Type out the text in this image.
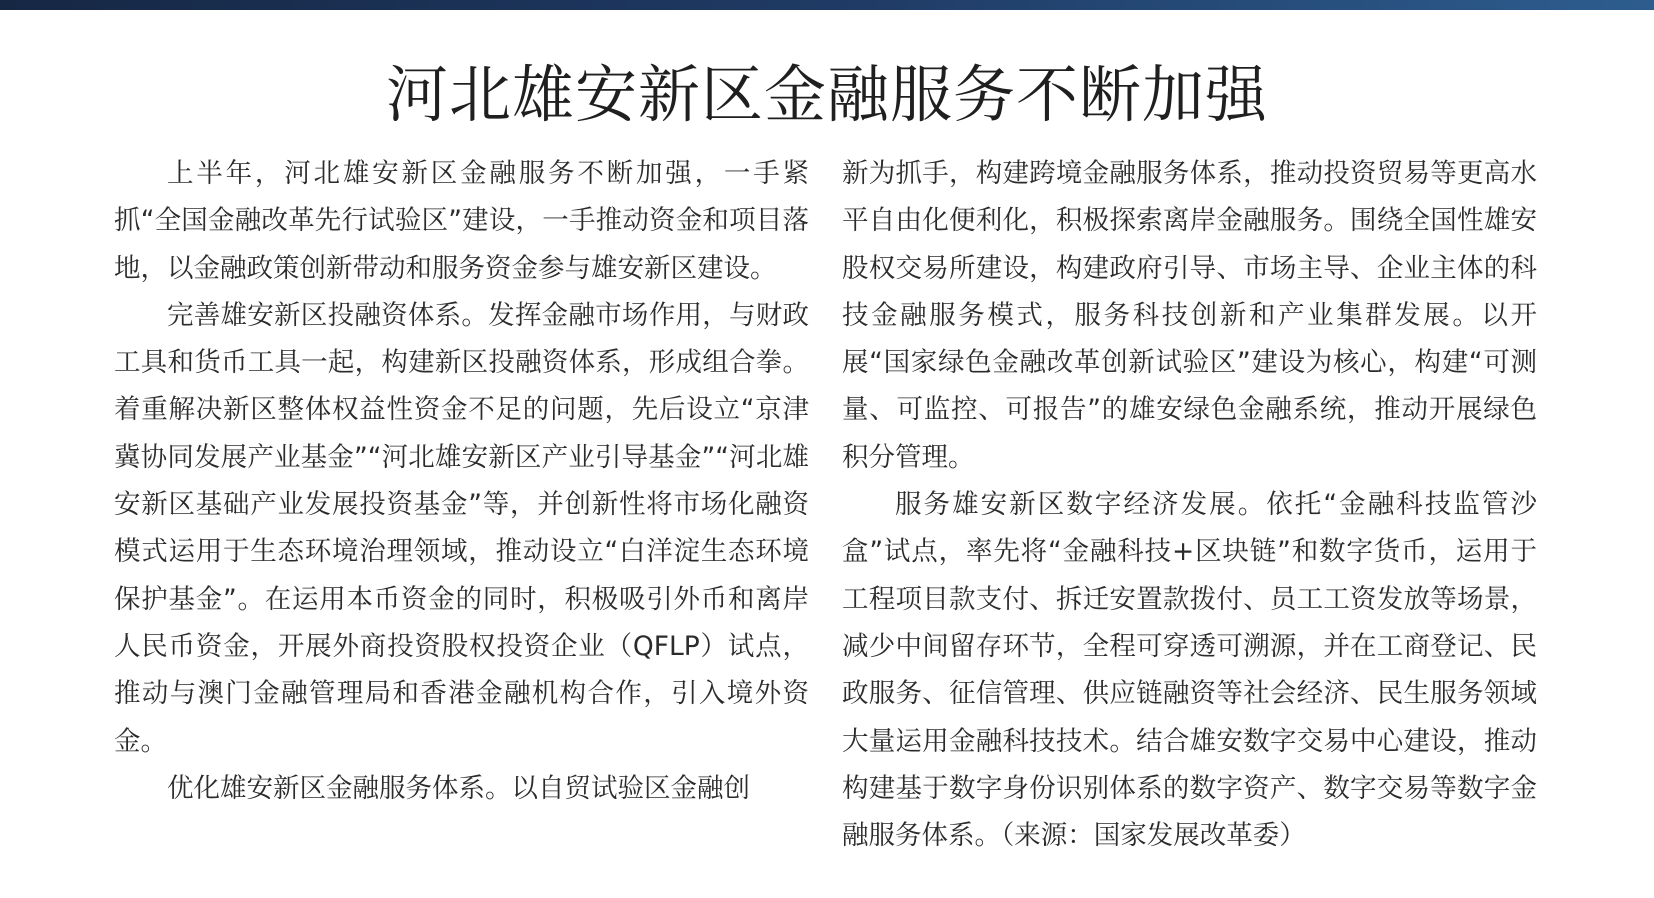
河北雄安新区金融服务不断加强

上半年，河北雄安新区金融服务不断加强，一手紧抓“全国金融改革先行试验区”建设，一手推动资金和项目落地，以金融政策创新带动和服务资金参与雄安新区建设。

完善雄安新区投融资体系。发挥金融市场作用，与财政工具和货币工具一起，构建新区投融资体系，形成组合拳。着重解决新区整体权益性资金不足的问题，先后设立“京津冀协同发展产业基金”“河北雄安新区产业引导基金”“河北雄安新区基础产业发展投资基金”等，并创新性将市场化融资模式运用于生态环境治理领域，推动设立“白洋淀生态环境保护基金”。在运用本币资金的同时，积极吸引外币和离岸人民币资金，开展外商投资股权投资企业（QFLP）试点，推动与澳门金融管理局和香港金融机构合作，引入境外资金。

优化雄安新区金融服务体系。以自贸试验区金融创

新为抓手，构建跨境金融服务体系，推动投资贸易等更高水平自由化便利化，积极探索离岸金融服务。围绕全国性雄安股权交易所建设，构建政府引导、市场主导、企业主体的科技金融服务模式，服务科技创新和产业集群发展。以开展“国家绿色金融改革创新试验区”建设为核心，构建“可测量、可监控、可报告”的雄安绿色金融系统，推动开展绿色积分管理。

服务雄安新区数字经济发展。依托“金融科技监管沙盒”试点，率先将“金融科技+区块链”和数字货币，运用于工程项目款支付、拆迁安置款拨付、员工工资发放等场景，减少中间留存环节，全程可穿透可溯源，并在工商登记、民政服务、征信管理、供应链融资等社会经济、民生服务领域大量运用金融科技技术。结合雄安数字交易中心建设，推动构建基于数字身份识别体系的数字资产、数字交易等数字金融服务体系。（来源：国家发展改革委）
